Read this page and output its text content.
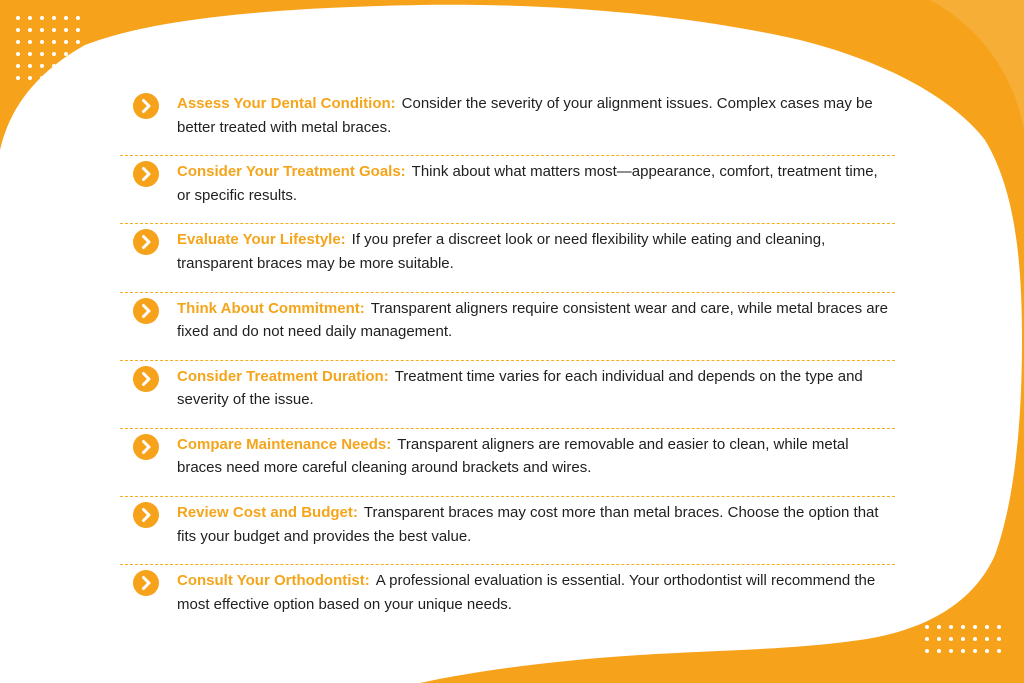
Assess Your Dental Condition: Consider the severity of your alignment issues. Complex cases may be better treated with metal braces.

Consider Your Treatment Goals: Think about what matters most—appearance, comfort, treatment time, or specific results.

Evaluate Your Lifestyle: If you prefer a discreet look or need flexibility while eating and cleaning, transparent braces may be more suitable.

Think About Commitment: Transparent aligners require consistent wear and care, while metal braces are fixed and do not need daily management.

Consider Treatment Duration: Treatment time varies for each individual and depends on the type and severity of the issue.

Compare Maintenance Needs: Transparent aligners are removable and easier to clean, while metal braces need more careful cleaning around brackets and wires.

Review Cost and Budget: Transparent braces may cost more than metal braces. Choose the option that fits your budget and provides the best value.

Consult Your Orthodontist: A professional evaluation is essential. Your orthodontist will recommend the most effective option based on your unique needs.
